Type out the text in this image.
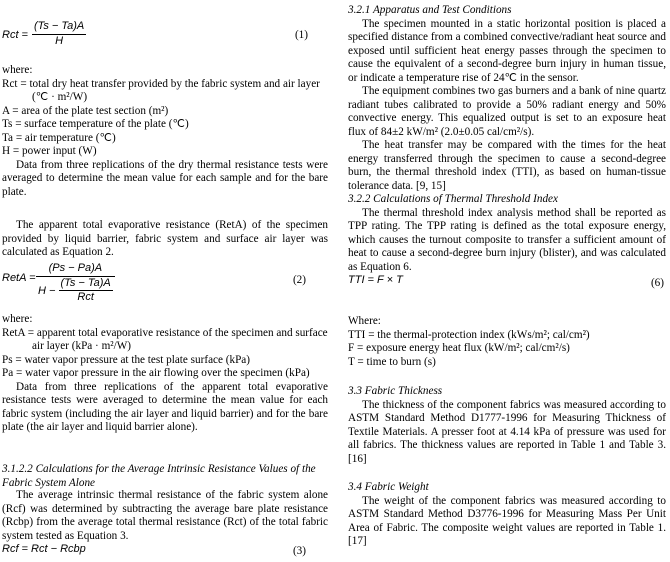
Rct = $\frac{(Ts - Ta)A}{H}$	(1)
where:
Rct = total dry heat transfer provided by the fabric system and air layer (℃ · m²/W)
A = area of the plate test section (m²)
Ts = surface temperature of the plate (℃)
Ta = air temperature (℃)
H = power input (W)
Data from three replications of the dry thermal resistance tests were averaged to determine the mean value for each sample and for the bare plate.
The apparent total evaporative resistance (RetA) of the specimen provided by liquid barrier, fabric system and surface air layer was calculated as Equation 2.
RetA =
(Ps − Pa)A
$H - \frac{(Ts - Ta)A}{\text{Rct}}$	(2)
where:
RetA = apparent total evaporative resistance of the specimen and surface air layer (kPa · m²/W)
Ps = water vapor pressure at the test plate surface (kPa)
Pa = water vapor pressure in the air flowing over the specimen (kPa)
Data from three replications of the apparent total evaporative resistance tests were averaged to determine the mean value for each fabric system (including the air layer and liquid barrier) and for the bare plate (the air layer and liquid barrier alone).
3.1.2.2 Calculations for the Average Intrinsic Resistance Values of the Fabric System Alone
The average intrinsic thermal resistance of the fabric system alone (Rcf) was determined by subtracting the average bare plate resistance (Rcbp) from the average total thermal resistance (Rct) of the total fabric system tested as Equation 3.
Rcf = Rct − Rcbp	(3)
3.2.1 Apparatus and Test Conditions
The specimen mounted in a static horizontal position is placed a specified distance from a combined convective/radiant heat source and exposed until sufficient heat energy passes through the specimen to cause the equivalent of a second-degree burn injury in human tissue, or indicate a temperature rise of 24℃ in the sensor.
The equipment combines two gas burners and a bank of nine quartz radiant tubes calibrated to provide a 50% radiant energy and 50% convective energy. This equalized output is set to an exposure heat flux of 84±2 kW/m² (2.0±0.05 cal/cm²/s).
The heat transfer may be compared with the times for the heat energy transferred through the specimen to cause a second-degree burn, the thermal threshold index (TTI), as based on human-tissue tolerance data. [9, 15]
3.2.2 Calculations of Thermal Threshold Index
The thermal threshold index analysis method shall be reported as TPP rating. The TPP rating is defined as the total exposure energy, which causes the turnout composite to transfer a sufficient amount of heat to cause a second-degree burn injury (blister), and was calculated as Equation 6.
TTI = F × T	(6)
Where:
TTI = the thermal-protection index (kWs/m²; cal/cm²)
F = exposure energy heat flux (kW/m²; cal/cm²/s)
T = time to burn (s)
3.3 Fabric Thickness
The thickness of the component fabrics was measured according to ASTM Standard Method D1777-1996 for Measuring Thickness of Textile Materials. A presser foot at 4.14 kPa of pressure was used for all fabrics. The thickness values are reported in Table 1 and Table 3. [16]
3.4 Fabric Weight
The weight of the component fabrics was measured according to ASTM Standard Method D3776-1996 for Measuring Mass Per Unit Area of Fabric. The composite weight values are reported in Table 1. [17]
